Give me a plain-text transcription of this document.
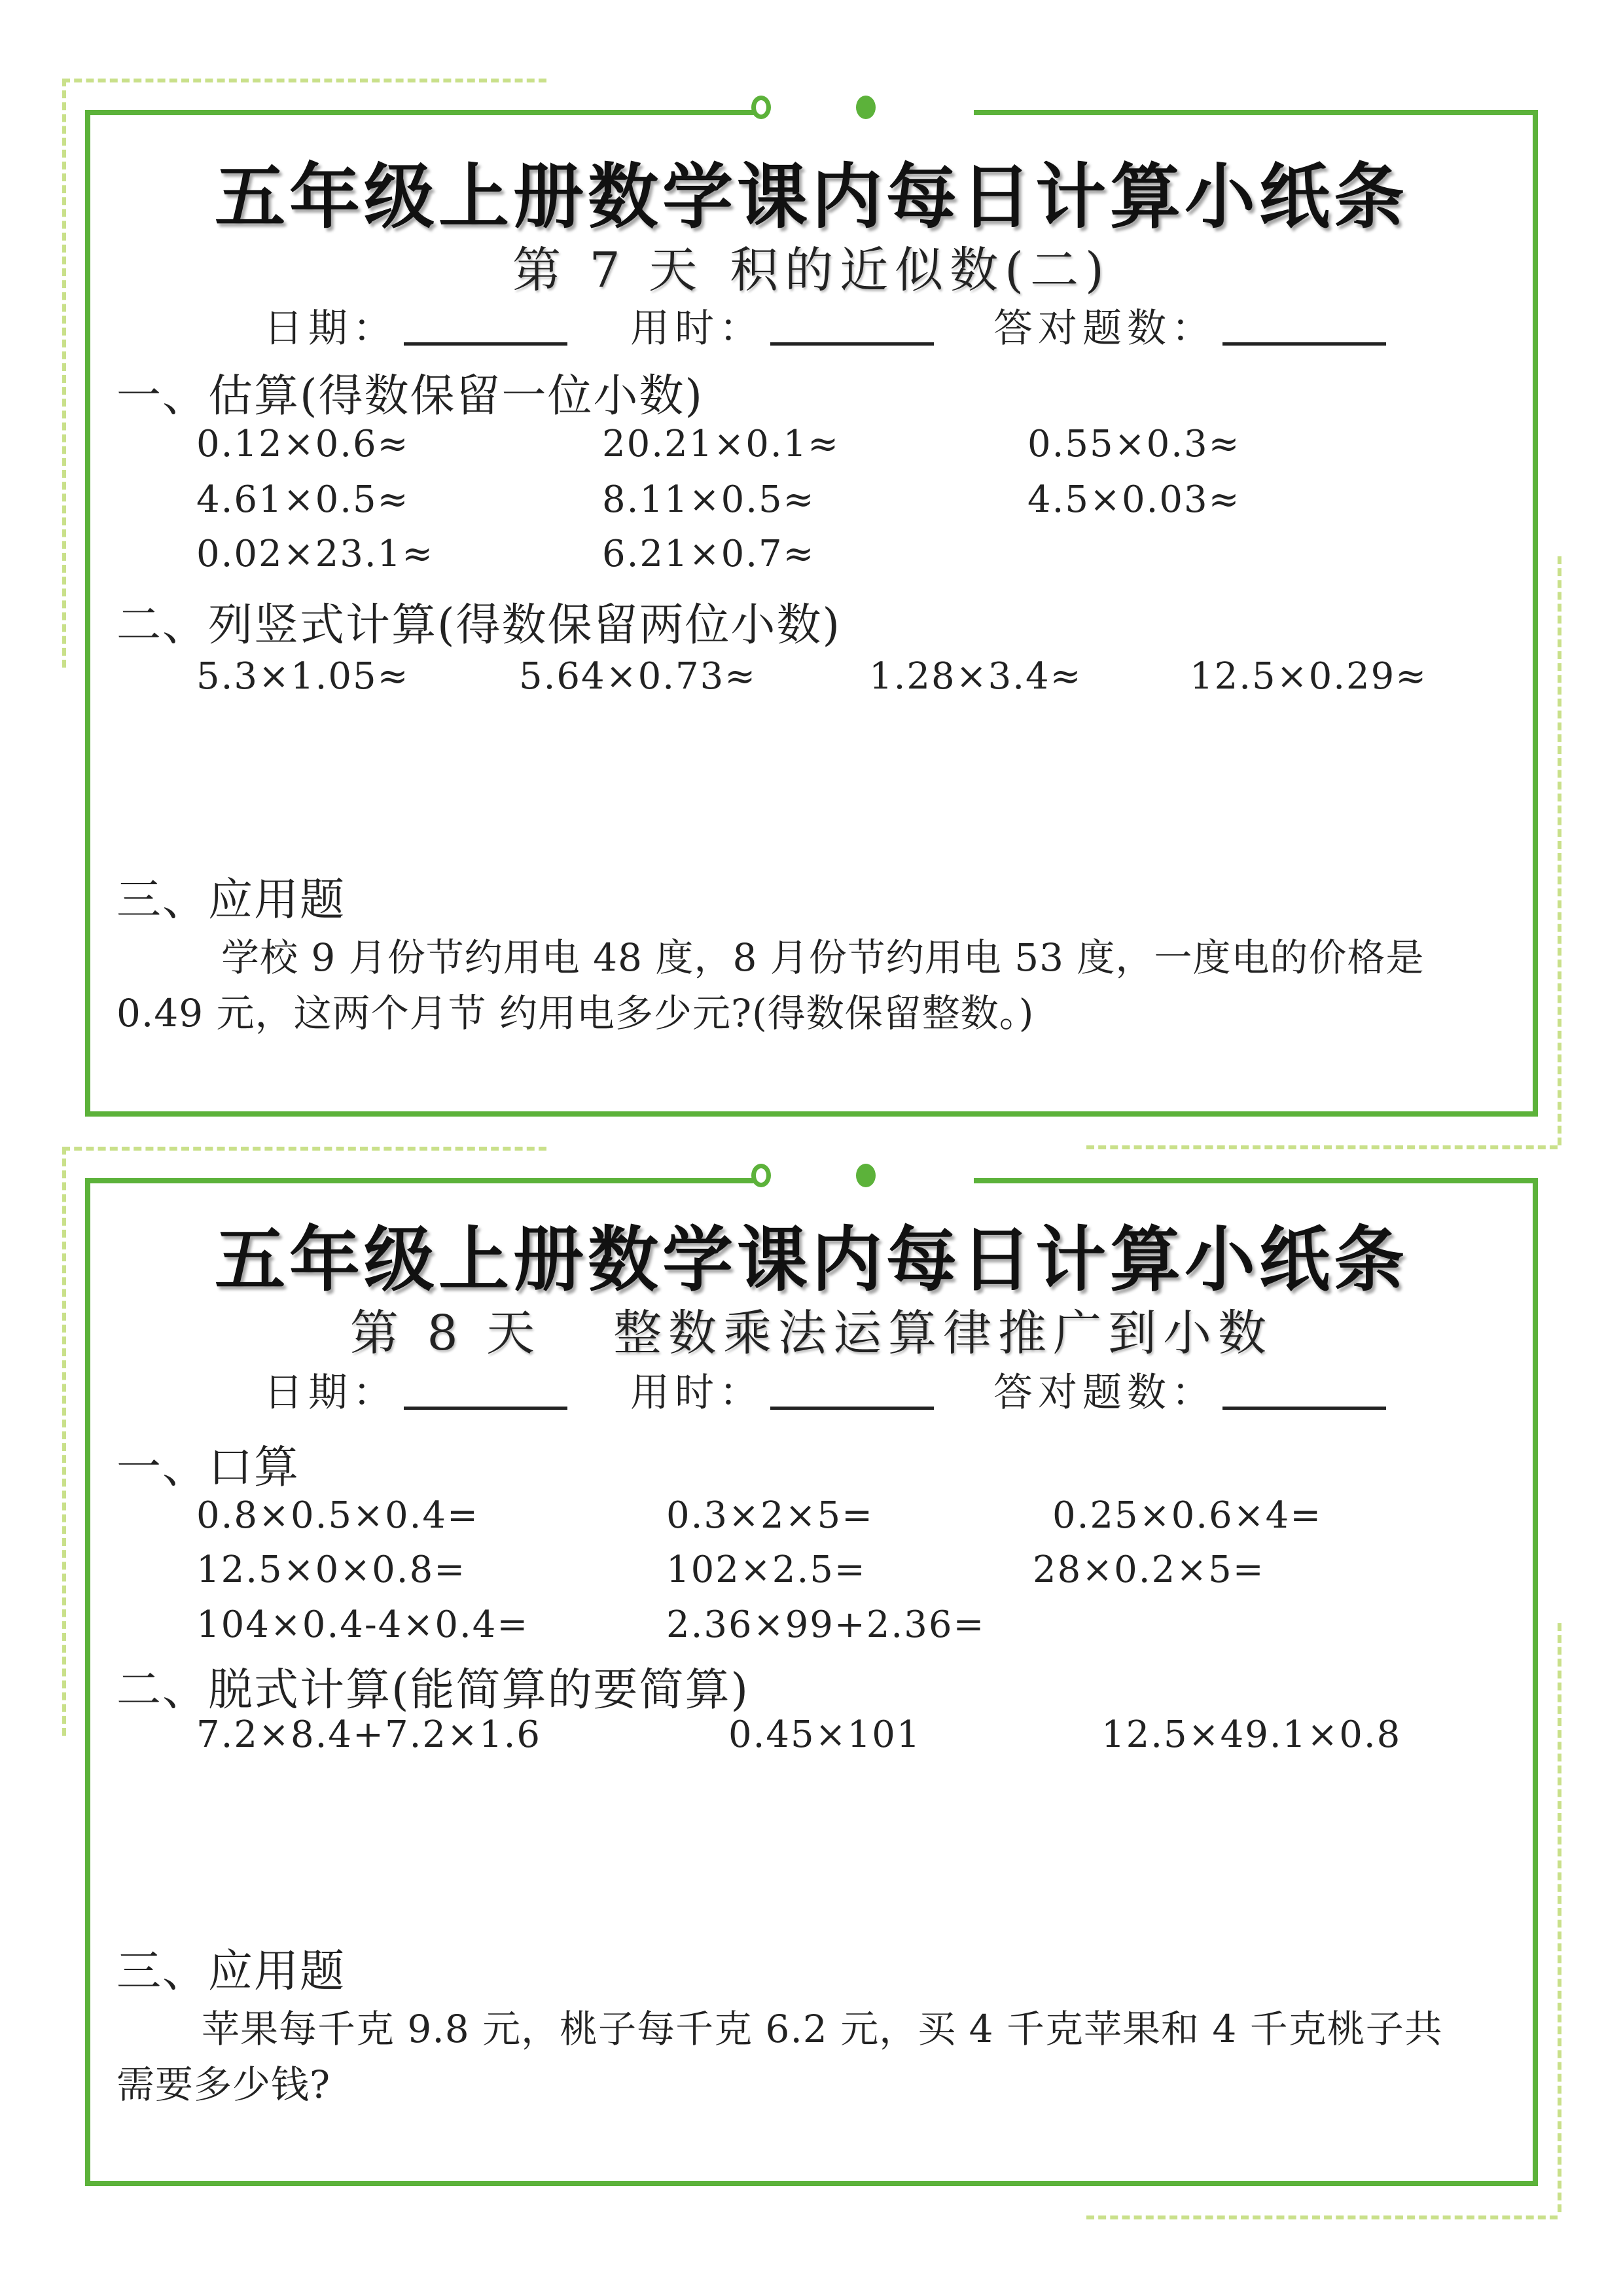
五年级上册数学课内每日计算小纸条
第 7 天 积的近似数(二)
日期：	用时：	答对题数：
一、估算(得数保留一位小数)
0.12×0.6≈	20.21×0.1≈	0.55×0.3≈
4.61×0.5≈	8.11×0.5≈	4.5×0.03≈
0.02×23.1≈	6.21×0.7≈
二、列竖式计算(得数保留两位小数)
5.3×1.05≈	5.64×0.73≈	1.28×3.4≈	12.5×0.29≈
三、应用题
学校 9 月份节约用电 48 度，8 月份节约用电 53 度，一度电的价格是
0.49 元，这两个月节 约用电多少元?(得数保留整数。)
五年级上册数学课内每日计算小纸条
第 8 天 整数乘法运算律推广到小数
日期：	用时：	答对题数：
一、口算
0.8×0.5×0.4=	0.3×2×5=	0.25×0.6×4=
12.5×0×0.8=	102×2.5=	28×0.2×5=
104×0.4-4×0.4=	2.36×99+2.36=
二、脱式计算(能简算的要简算)
7.2×8.4+7.2×1.6	0.45×101	12.5×49.1×0.8
三、应用题
苹果每千克 9.8 元，桃子每千克 6.2 元，买 4 千克苹果和 4 千克桃子共
需要多少钱?
